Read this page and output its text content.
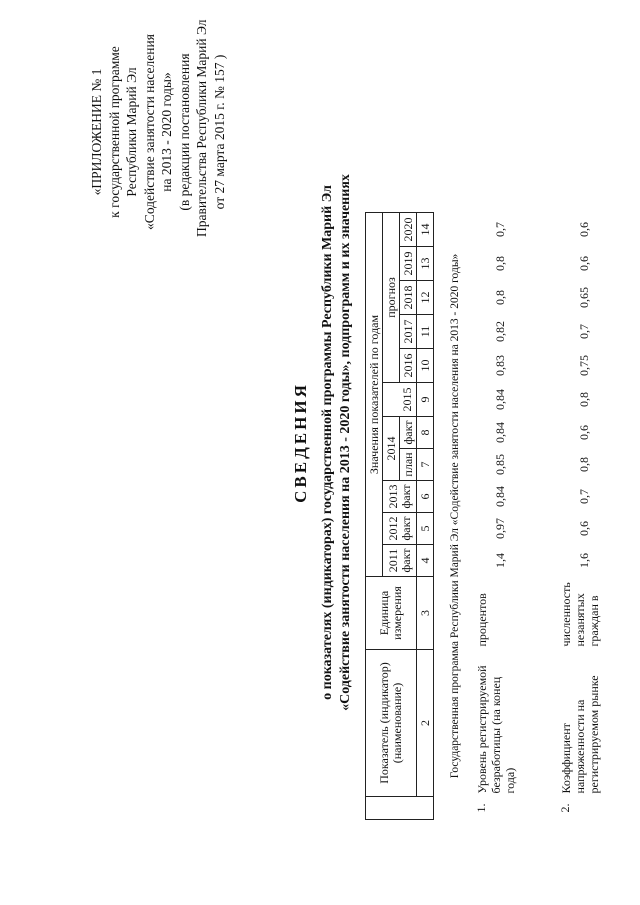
«ПРИЛОЖЕНИЕ № 1 к государственной программе Республики Марий Эл «Содействие занятости населения на 2013 - 2020 годы» (в редакции постановления Правительства Республики Марий Эл от 27 марта 2015 г. № 157 )
СВЕДЕНИЯ о показателях (индикаторах) государственной программы Республики Марий Эл «Содействие занятости населения на 2013 - 2020 годы», подпрограмм и их значениях
	Показатель (индикатор) (наименование)	Единица измерения	Значения показателей по годам										
			2011 факт	2012 факт	2013 факт	2014			прогноз				
						план	факт	2015	2016	2017	2018	2019	2020
	2	3	4	5	6	7	8	9	10	11	12	13	14
Государственная программа Республики Марий Эл «Содействие занятости населения на 2013 - 2020 годы»													
1.	Уровень регистрируемой безработицы (на конец года)	процентов	1,4	0,97	0,84	0,85	0,84	0,84	0,83	0,82	0,8	0,8	0,7
2.	Коэффициент напряженности на регистрируемом рынке	численность незанятых граждан в	1,6	0,6	0,7	0,8	0,6	0,8	0,75	0,7	0,65	0,6	0,6
